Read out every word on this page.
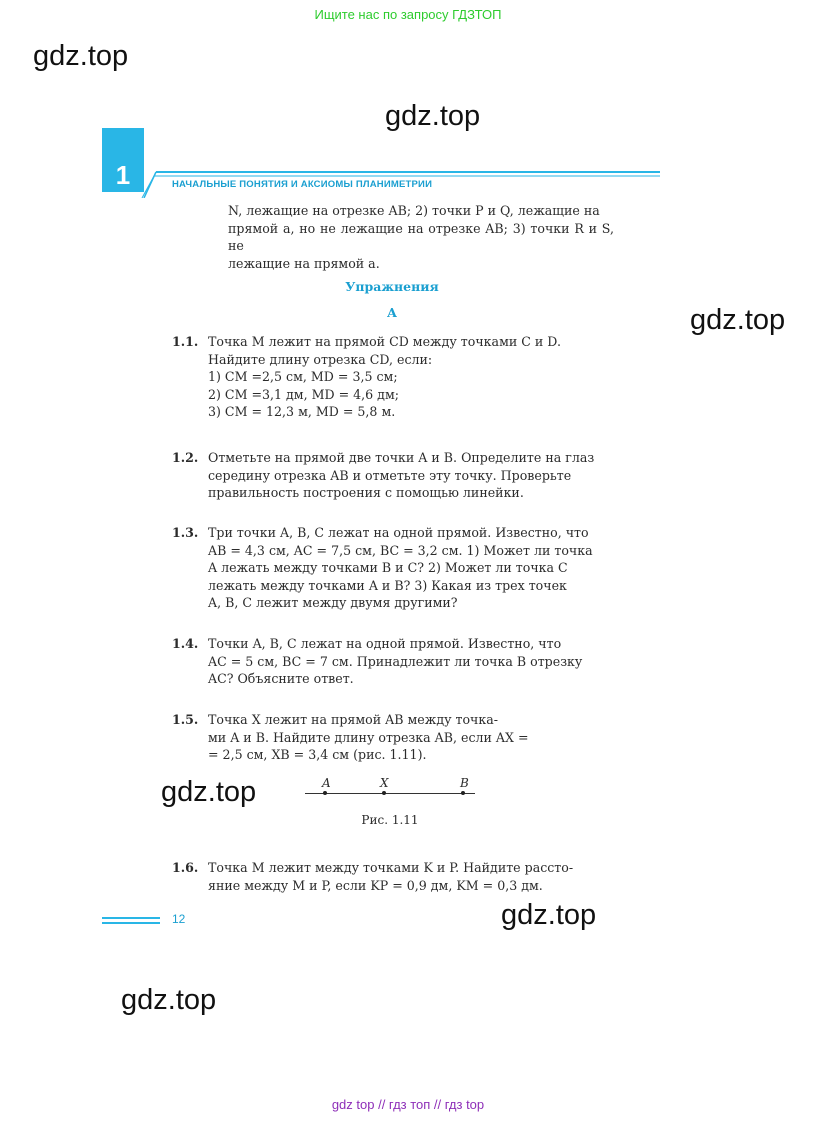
Ищите нас по запросу ГДЗТОП
gdz.top
gdz.top
gdz.top
gdz.top
gdz.top
gdz.top
1	НАЧАЛЬНЫЕ ПОНЯТИЯ И АКСИОМЫ ПЛАНИМЕТРИИ
N, лежащие на отрезке AB; 2) точки P и Q, лежащие на
прямой a, но не лежащие на отрезке AB; 3) точки R и S, не
лежащие на прямой a.
Упражнения
A
1.1. Точка M лежит на прямой CD между точками C и D.
Найдите длину отрезка CD, если:
1) CM =2,5 см, MD = 3,5 см;
2) CM =3,1 дм, MD = 4,6 дм;
3) CM = 12,3 м, MD = 5,8 м.
1.2. Отметьте на прямой две точки A и B. Определите на глаз
середину отрезка AB и отметьте эту точку. Проверьте
правильность построения с помощью линейки.
1.3. Три точки A, B, C лежат на одной прямой. Известно, что
AB = 4,3 см, AC = 7,5 см, BC = 3,2 см. 1) Может ли точка
A лежать между точками B и C? 2) Может ли точка C
лежать между точками A и B? 3) Какая из трех точек
A, B, C лежит между двумя другими?
1.4. Точки A, B, C лежат на одной прямой. Известно, что
AC = 5 см, BC = 7 см. Принадлежит ли точка B отрезку
AC? Объясните ответ.
1.5. Точка X лежит на прямой AB между точка-
ми A и B. Найдите длину отрезка AB, если AX =
= 2,5 см, XB = 3,4 см (рис. 1.11).
A	X	B
Рис. 1.11
1.6. Точка M лежит между точками K и P. Найдите рассто-
яние между M и P, если KP = 0,9 дм, KM = 0,3 дм.
12
gdz top // гдз топ // гдз top
